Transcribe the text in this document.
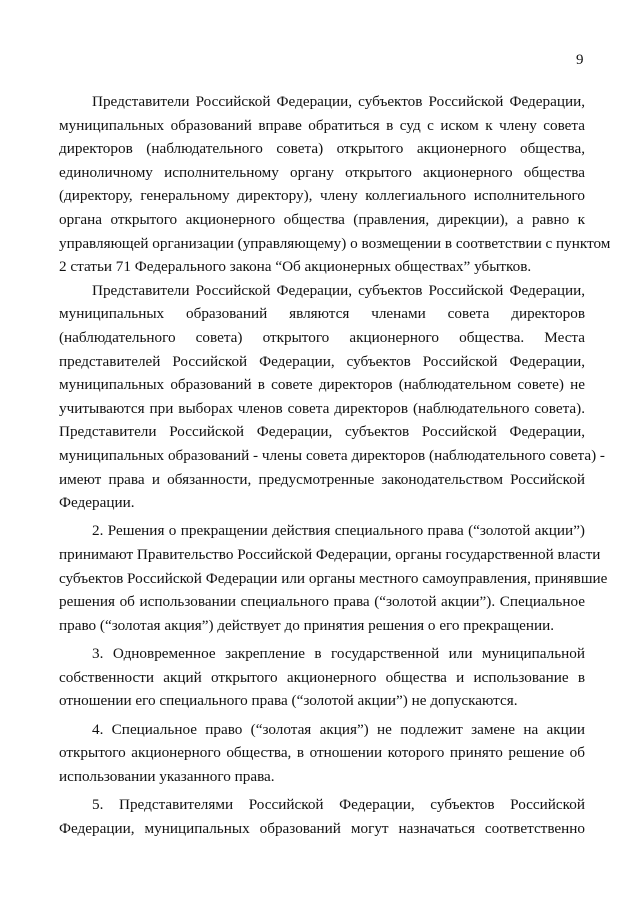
9
Представители Российской Федерации, субъектов Российской Федерации,
муниципальных образований вправе обратиться в суд с иском к члену совета
директоров (наблюдательного совета) открытого акционерного общества,
единоличному исполнительному органу открытого акционерного общества
(директору, генеральному директору), члену коллегиального исполнительного
органа открытого акционерного общества (правления, дирекции), а равно к
управляющей организации (управляющему) о возмещении в соответствии с пунктом
2 статьи 71 Федерального закона “Об акционерных обществах” убытков.
Представители Российской Федерации, субъектов Российской Федерации,
муниципальных образований являются членами совета директоров
(наблюдательного совета) открытого акционерного общества. Места
представителей Российской Федерации, субъектов Российской Федерации,
муниципальных образований в совете директоров (наблюдательном совете) не
учитываются при выборах членов совета директоров (наблюдательного совета).
Представители Российской Федерации, субъектов Российской Федерации,
муниципальных образований - члены совета директоров (наблюдательного совета) -
имеют права и обязанности, предусмотренные законодательством Российской
Федерации.
2. Решения о прекращении действия специального права (“золотой акции”)
принимают Правительство Российской Федерации, органы государственной власти
субъектов Российской Федерации или органы местного самоуправления, принявшие
решения об использовании специального права (“золотой акции”). Специальное
право (“золотая акция”) действует до принятия решения о его прекращении.
3. Одновременное закрепление в государственной или муниципальной
собственности акций открытого акционерного общества и использование в
отношении его специального права (“золотой акции”) не допускаются.
4. Специальное право (“золотая акция”) не подлежит замене на акции
открытого акционерного общества, в отношении которого принято решение об
использовании указанного права.
5. Представителями Российской Федерации, субъектов Российской
Федерации, муниципальных образований могут назначаться соответственно
